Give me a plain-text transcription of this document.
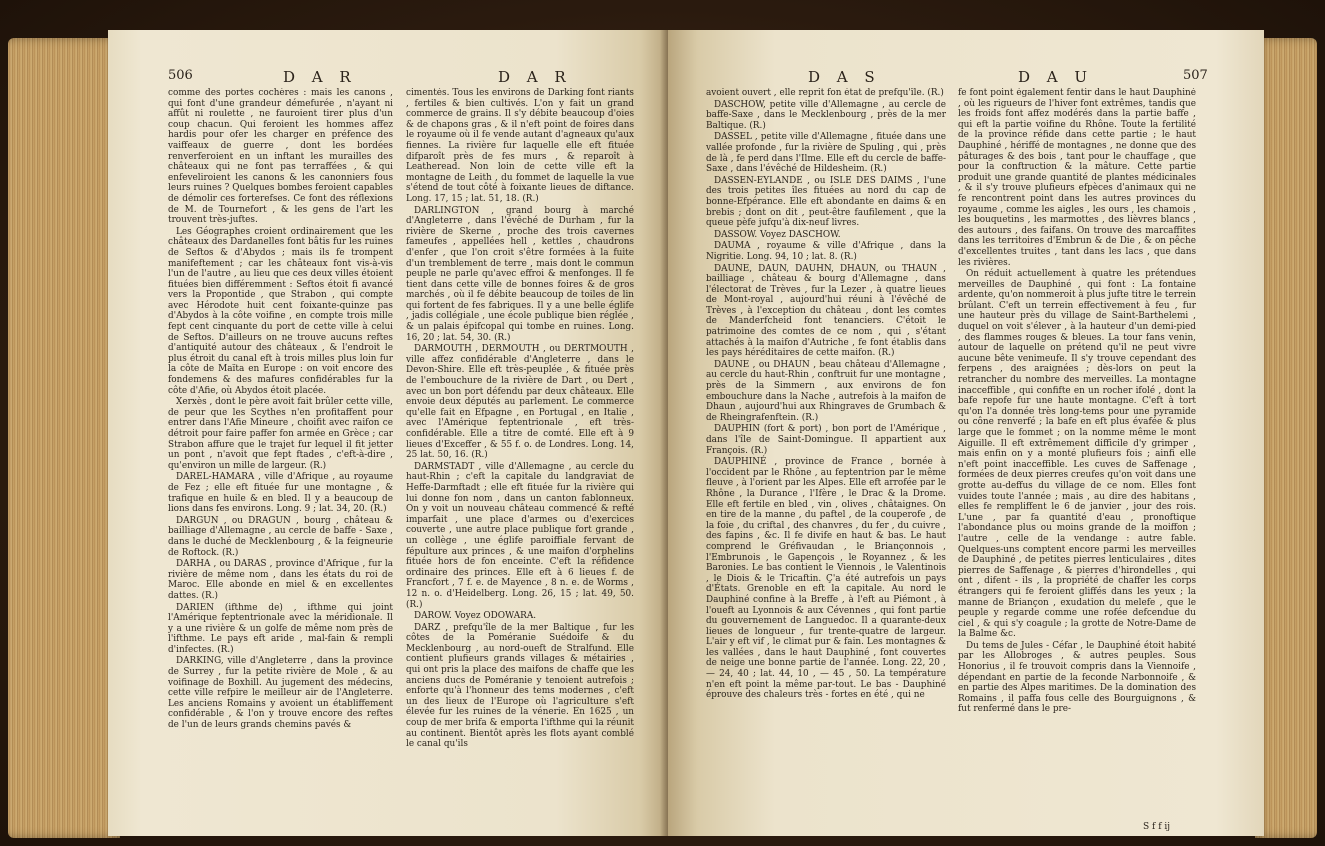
506	D A R	D A R

comme des portes cochères : mais les canons , qui font d'une grandeur démefurée , n'ayant ni affût ni roulette , ne fauroient tirer plus d'un coup chacun. Qui feroient les hommes affez hardis pour ofer les charger en préfence des vaiffeaux de guerre , dont les bordées renverferoient en un inftant les murailles des châteaux qui ne font pas terraffées , & qui enfeveliroient les canons & les canonniers fous leurs ruines ? Quelques bombes feroient capables de démolir ces forterefses. Ce font des réflexions de M. de Tournefort , & les gens de l'art les trouvent très-juftes.

Les Géographes croient ordinairement que les châteaux des Dardanelles font bâtis fur les ruines de Seftos & d'Abydos ; mais ils fe trompent manifeftement ; car les châteaux font vis-à-vis l'un de l'autre , au lieu que ces deux villes étoient fituées bien différemment : Seftos étoit fi avancé vers la Propontide , que Strabon , qui compte avec Hérodote huit cent foixante-quinze pas d'Abydos à la côte voifine , en compte trois mille fept cent cinquante du port de cette ville à celui de Seftos. D'ailleurs on ne trouve aucuns reftes d'antiquité autour des châteaux , & l'endroit le plus étroit du canal eft à trois milles plus loin fur la côte de Maïta en Europe : on voit encore des fondemens & des mafures confidérables fur la côte d'Afie, où Abydos étoit placée.

Xerxès , dont le père avoit fait brûler cette ville, de peur que les Scythes n'en profitaffent pour entrer dans l'Afie Mineure , choifit avec raifon ce détroit pour faire paffer fon armée en Grèce ; car Strabon affure que le trajet fur lequel il fit jetter un pont , n'avoit que fept ftades , c'eft-à-dire , qu'environ un mille de largeur. (R.)

DAREL-HAMARA , ville d'Afrique , au royaume de Fez ; elle eft fituée fur une montagne , & trafique en huile & en bled. Il y a beaucoup de lions dans fes environs. Long. 9 ; lat. 34, 20. (R.)

DARGUN , ou DRAGUN , bourg , château & bailliage d'Allemagne , au cercle de baffe - Saxe , dans le duché de Mecklenbourg , & la feigneurie de Roftock. (R.)

DARHA , ou DARAS , province d'Afrique , fur la rivière de même nom , dans les états du roi de Maroc. Elle abonde en miel & en excellentes dattes. (R.)

DARIEN (ifthme de) , ifthme qui joint l'Amérique feptentrionale avec la méridionale. Il y a une rivière & un golfe de même nom près de l'ifthme. Le pays eft aride , mal-fain & rempli d'infectes. (R.)

DARKING, ville d'Angleterre , dans la province de Surrey , fur la petite rivière de Mole , & au voifinage de Boxhill. Au jugement des médecins, cette ville refpire le meilleur air de l'Angleterre. Les anciens Romains y avoient un établiffement confidérable , & l'on y trouve encore des reftes de l'un de leurs grands chemins pavés &

cimentés. Tous les environs de Darking font riants , fertiles & bien cultivés. L'on y fait un grand commerce de grains. Il s'y débite beaucoup d'oies & de chapons gras , & il n'eft point de foires dans le royaume où il fe vende autant d'agneaux qu'aux fiennes. La rivière fur laquelle elle eft fituée difparoît près de fes murs , & reparoît à Leatheread. Non loin de cette ville eft la montagne de Leith , du fommet de laquelle la vue s'étend de tout côté à foixante lieues de diftance. Long. 17, 15 ; lat. 51, 18. (R.)

DARLINGTON , grand bourg à marché d'Angleterre , dans l'évêché de Durham , fur la rivière de Skerne , proche des trois cavernes fameufes , appellées hell , kettles , chaudrons d'enfer , que l'on croit s'être formées à la fuite d'un tremblement de terre , mais dont le commun peuple ne parle qu'avec effroi & menfonges. Il fe tient dans cette ville de bonnes foires & de gros marchés , où il fe débite beaucoup de toiles de lin qui fortent de fes fabriques. Il y a une belle églife , jadis collégiale , une école publique bien réglée , & un palais épifcopal qui tombe en ruines. Long. 16, 20 ; lat. 54, 30. (R.)

DARMOUTH , DERMOUTH , ou DERTMOUTH , ville affez confidérable d'Angleterre , dans le Devon-Shire. Elle eft très-peuplée , & fituée près de l'embouchure de la rivière de Dart , ou Dert , avec un bon port défendu par deux châteaux. Elle envoie deux députés au parlement. Le commerce qu'elle fait en Efpagne , en Portugal , en Italie , avec l'Amérique feptentrionale , eft très-confidérable. Elle a titre de comté. Elle eft à 9 lieues d'Exceffer , & 55 f. o. de Londres. Long. 14, 25 lat. 50, 16. (R.)

DARMSTADT , ville d'Allemagne , au cercle du haut-Rhin ; c'eft la capitale du landgraviat de Heffe-Darmftadt ; elle eft fituée fur la rivière qui lui donne fon nom , dans un canton fablonneux. On y voit un nouveau château commencé & refté imparfait , une place d'armes ou d'exercices couverte , une autre place publique fort grande , un collège , une églife paroiffiale fervant de fépulture aux princes , & une maifon d'orphelins fituée hors de fon enceinte. C'eft la réfidence ordinaire des princes. Elle eft à 6 lieues f. de Francfort , 7 f. e. de Mayence , 8 n. e. de Worms , 12 n. o. d'Heidelberg. Long. 26, 15 ; lat. 49, 50. (R.)

DAROW. Voyez ODOWARA.

DARZ , prefqu'île de la mer Baltique , fur les côtes de la Poméranie Suédoife & du Mecklenbourg , au nord-oueft de Stralfund. Elle contient plufieurs grands villages & métairies , qui ont pris la place des maifons de chaffe que les anciens ducs de Poméranie y tenoient autrefois ; enforte qu'à l'honneur des tems modernes , c'eft un des lieux de l'Europe où l'agriculture s'eft élevée fur les ruines de la vénerie. En 1625 , un coup de mer brifa & emporta l'ifthme qui la réunit au continent. Bientôt après les flots ayant comblé le canal qu'ils

D A S	D A U	507

avoient ouvert , elle reprit fon état de prefqu'île. (R.)

DASCHOW, petite ville d'Allemagne , au cercle de baffe-Saxe , dans le Mecklenbourg , près de la mer Baltique. (R.)

DASSEL , petite ville d'Allemagne , fituée dans une vallée profonde , fur la rivière de Spuling , qui , près de là , fe perd dans l'Ilme. Elle eft du cercle de baffe-Saxe , dans l'évêché de Hildesheim. (R.)

DASSEN-EYLANDE , ou ISLE DES DAIMS , l'une des trois petites îles fituées au nord du cap de bonne-Efpérance. Elle eft abondante en daims & en brebis ; dont on dit , peut-être faufilement , que la queue pèfe jufqu'à dix-neuf livres.

DASSOW. Voyez DASCHOW.

DAUMA , royaume & ville d'Afrique , dans la Nigritie. Long. 94, 10 ; lat. 8. (R.)

DAUNE, DAUN, DAUHN, DHAUN, ou THAUN , bailliage , château & bourg d'Allemagne , dans l'électorat de Trèves , fur la Lezer , à quatre lieues de Mont-royal , aujourd'hui réuni à l'évêché de Trèves , à l'exception du château , dont les comtes de Manderfcheid font tenanciers. C'étoit le patrimoine des comtes de ce nom , qui , s'étant attachés à la maifon d'Autriche , fe font établis dans les pays héréditaires de cette maifon. (R.)

DAUNE , ou DHAUN , beau château d'Allemagne , au cercle du haut-Rhin , conftruit fur une montagne , près de la Simmern , aux environs de fon embouchure dans la Nache , autrefois à la maifon de Dhaun , aujourd'hui aux Rhingraves de Grumbach & de Rheingrafenftein. (R.)

DAUPHIN (fort & port) , bon port de l'Amérique , dans l'île de Saint-Domingue. Il appartient aux François. (R.)

DAUPHINÉ , province de France , bornée à l'occident par le Rhône , au feptentrion par le même fleuve , à l'orient par les Alpes. Elle eft arrofée par le Rhône , la Durance , l'Ifère , le Drac & la Drome. Elle eft fertile en bled , vin , olives , châtaignes. On en tire de la manne , du paftel , de la couperofe , de la foie , du criftal , des chanvres , du fer , du cuivre , des fapins , &c. Il fe divife en haut & bas. Le haut comprend le Gréfivaudan , le Briançonnois , l'Embrunois , le Gapençois , le Royannez , & les Baronies. Le bas contient le Viennois , le Valentinois , le Diois & le Tricaftin. Ç'a été autrefois un pays d'États. Grenoble en eft la capitale. Au nord le Dauphiné confine à la Breffe , à l'eft au Piémont , à l'oueft au Lyonnois & aux Cévennes , qui font partie du gouvernement de Languedoc. Il a quarante-deux lieues de longueur , fur trente-quatre de largeur. L'air y eft vif , le climat pur & fain. Les montagnes & les vallées , dans le haut Dauphiné , font couvertes de neige une bonne partie de l'année. Long. 22, 20 , — 24, 40 ; lat. 44, 10 , — 45 , 50. La température n'en eft point la même par-tout. Le bas - Dauphiné éprouve des chaleurs très - fortes en été , qui ne

fe font point également fentir dans le haut Dauphiné , où les rigueurs de l'hiver font extrêmes, tandis que les froids font affez modérés dans la partie baffe , qui eft la partie voifine du Rhône. Toute la fertilité de la province réfide dans cette partie ; le haut Dauphiné , hériffé de montagnes , ne donne que des pâturages & des bois , tant pour le chauffage , que pour la conftruction & la mâture. Cette partie produit une grande quantité de plantes médicinales , & il s'y trouve plufieurs efpèces d'animaux qui ne fe rencontrent point dans les autres provinces du royaume , comme les aigles , les ours , les chamois , les bouquetins , les marmottes , des lièvres blancs , des autours , des faifans. On trouve des marcaffites dans les territoires d'Embrun & de Die , & on pêche d'excellentes truites , tant dans les lacs , que dans les rivières.

On réduit actuellement à quatre les prétendues merveilles de Dauphiné , qui font : La fontaine ardente, qu'on nommeroit à plus jufte titre le terrein brûlant. C'eft un terrein effectivement à feu , fur une hauteur près du village de Saint-Barthelemi , duquel on voit s'élever , à la hauteur d'un demi-pied , des flammes rouges & bleues. La tour fans venin, autour de laquelle on prétend qu'il ne peut vivre aucune bête venimeufe. Il s'y trouve cependant des ferpens , des araignées ; dès-lors on peut la retrancher du nombre des merveilles. La montagne inacceffible , qui confifte en un rocher ifolé , dont la bafe repofe fur une haute montagne. C'eft à tort qu'on l'a donnée très long-tems pour une pyramide ou cône renverfé ; la bafe en eft plus évafée & plus large que le fommet ; on la nomme même le mont Aiguille. Il eft extrêmement difficile d'y grimper , mais enfin on y a monté plufieurs fois ; ainfi elle n'eft point inacceffible. Les cuves de Saffenage , formées de deux pierres creufes qu'on voit dans une grotte au-deffus du village de ce nom. Elles font vuides toute l'année ; mais , au dire des habitans , elles fe rempliffent le 6 de janvier , jour des rois. L'une , par fa quantité d'eau , pronoftique l'abondance plus ou moins grande de la moiffon ; l'autre , celle de la vendange : autre fable. Quelques-uns comptent encore parmi les merveilles de Dauphiné , de petites pierres lenticulaires , dites pierres de Saffenage , & pierres d'hirondelles , qui ont , difent - ils , la propriété de chaffer les corps étrangers qui fe feroient gliffés dans les yeux ; la manne de Briançon , exudation du melefe , que le peuple y regarde comme une rofée defcendue du ciel , & qui s'y coagule ; la grotte de Notre-Dame de la Balme &c.

Du tems de Jules - Céfar , le Dauphiné étoit habité par les Allobroges , & autres peuples. Sous Honorius , il fe trouvoit compris dans la Viennoife , dépendant en partie de la feconde Narbonnoife , & en partie des Alpes maritimes. De la domination des Romains , il paffa fous celle des Bourguignons , & fut renfermé dans le pre-

S f f ij
